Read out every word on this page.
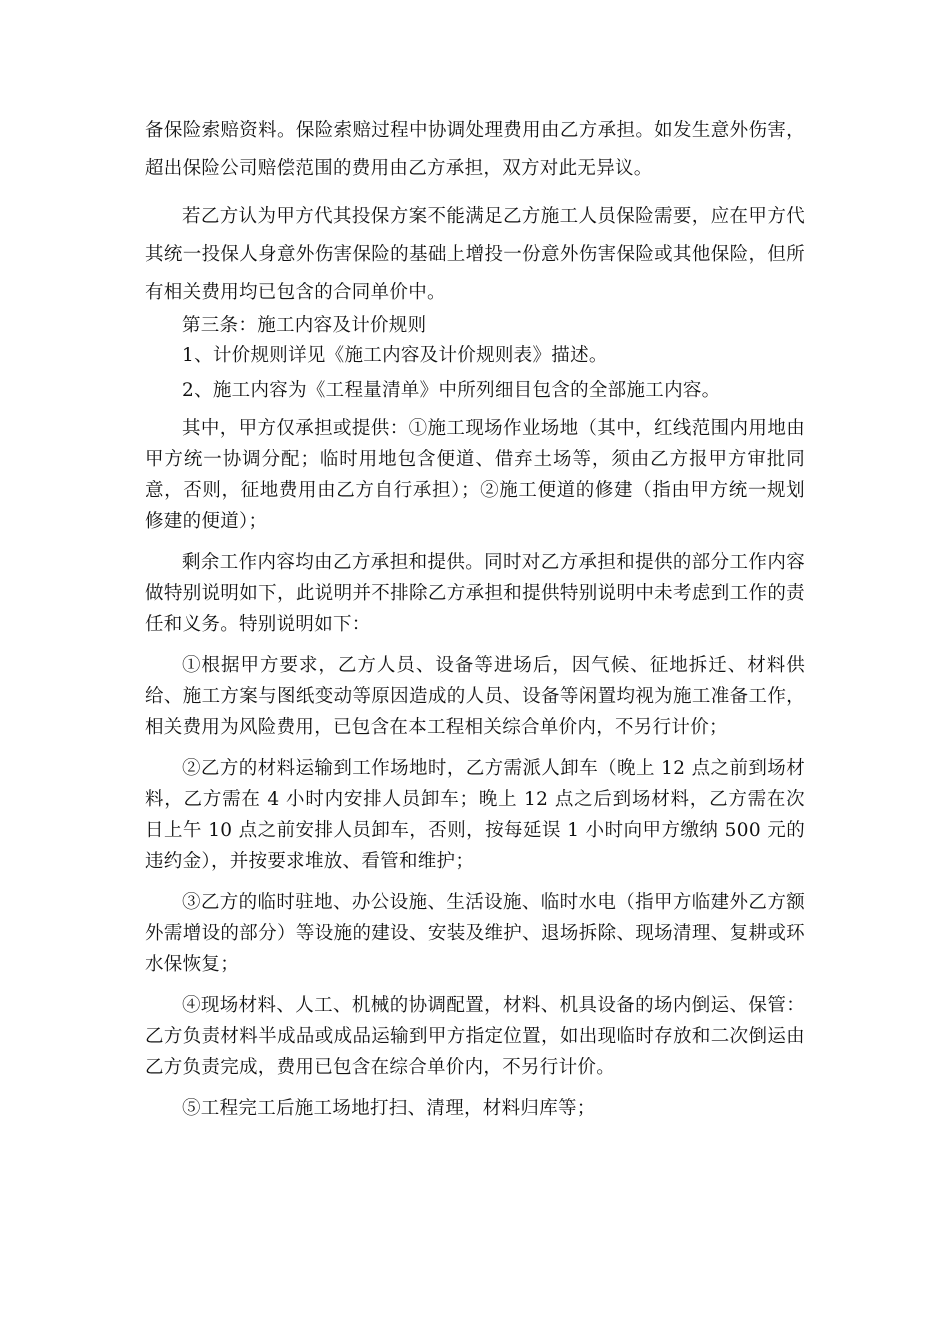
备保险索赔资料。保险索赔过程中协调处理费用由乙方承担。如发生意外伤害，超出保险公司赔偿范围的费用由乙方承担，双方对此无异议。

若乙方认为甲方代其投保方案不能满足乙方施工人员保险需要，应在甲方代其统一投保人身意外伤害保险的基础上增投一份意外伤害保险或其他保险，但所有相关费用均已包含的合同单价中。

第三条：施工内容及计价规则

1、计价规则详见《施工内容及计价规则表》描述。

2、施工内容为《工程量清单》中所列细目包含的全部施工内容。

其中，甲方仅承担或提供：①施工现场作业场地（其中，红线范围内用地由甲方统一协调分配；临时用地包含便道、借弃土场等，须由乙方报甲方审批同意，否则，征地费用由乙方自行承担）；②施工便道的修建（指由甲方统一规划修建的便道）；

剩余工作内容均由乙方承担和提供。同时对乙方承担和提供的部分工作内容做特别说明如下，此说明并不排除乙方承担和提供特别说明中未考虑到工作的责任和义务。特别说明如下：

①根据甲方要求，乙方人员、设备等进场后，因气候、征地拆迁、材料供给、施工方案与图纸变动等原因造成的人员、设备等闲置均视为施工准备工作，相关费用为风险费用，已包含在本工程相关综合单价内，不另行计价；

②乙方的材料运输到工作场地时，乙方需派人卸车（晚上 12 点之前到场材料，乙方需在 4 小时内安排人员卸车；晚上 12 点之后到场材料，乙方需在次日上午 10 点之前安排人员卸车，否则，按每延误 1 小时向甲方缴纳 500 元的违约金），并按要求堆放、看管和维护；

③乙方的临时驻地、办公设施、生活设施、临时水电（指甲方临建外乙方额外需增设的部分）等设施的建设、安装及维护、退场拆除、现场清理、复耕或环水保恢复；

④现场材料、人工、机械的协调配置，材料、机具设备的场内倒运、保管：乙方负责材料半成品或成品运输到甲方指定位置，如出现临时存放和二次倒运由乙方负责完成，费用已包含在综合单价内，不另行计价。

⑤工程完工后施工场地打扫、清理，材料归库等；
